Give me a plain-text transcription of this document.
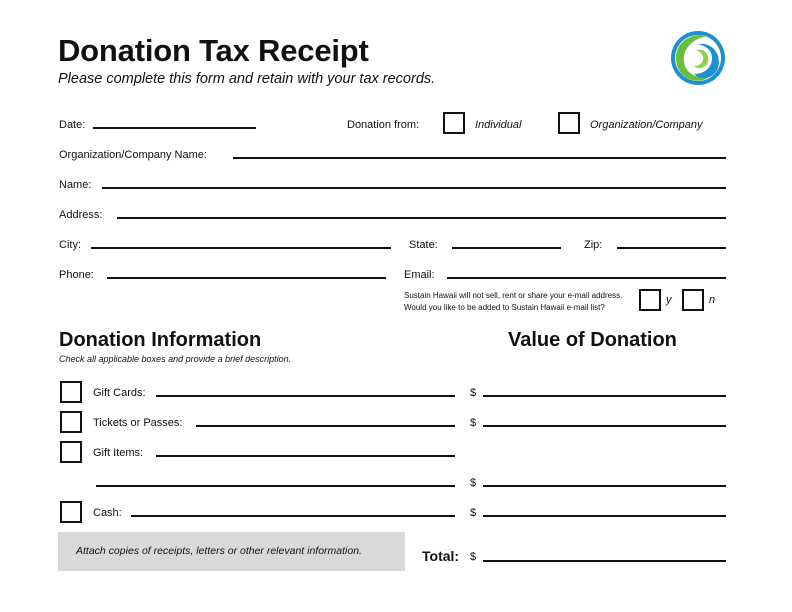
Donation Tax Receipt
Please complete this form and retain with your tax records.
Date:	Donation from:	Individual	Organization/Company
Organization/Company Name:
Name:
Address:
City:	State:	Zip:
Phone:	Email:
Sustain Hawaii will not sell, rent or share your e-mail address.
Would you like to be added to Sustain Hawaii e-mail list?
y	n
Donation Information
Check all applicable boxes and provide a brief description.
Value of Donation
Gift Cards:	$
Tickets or Passes:	$
Gift Items:
$
Cash:	$
Attach copies of receipts, letters or other relevant information.	Total: $
